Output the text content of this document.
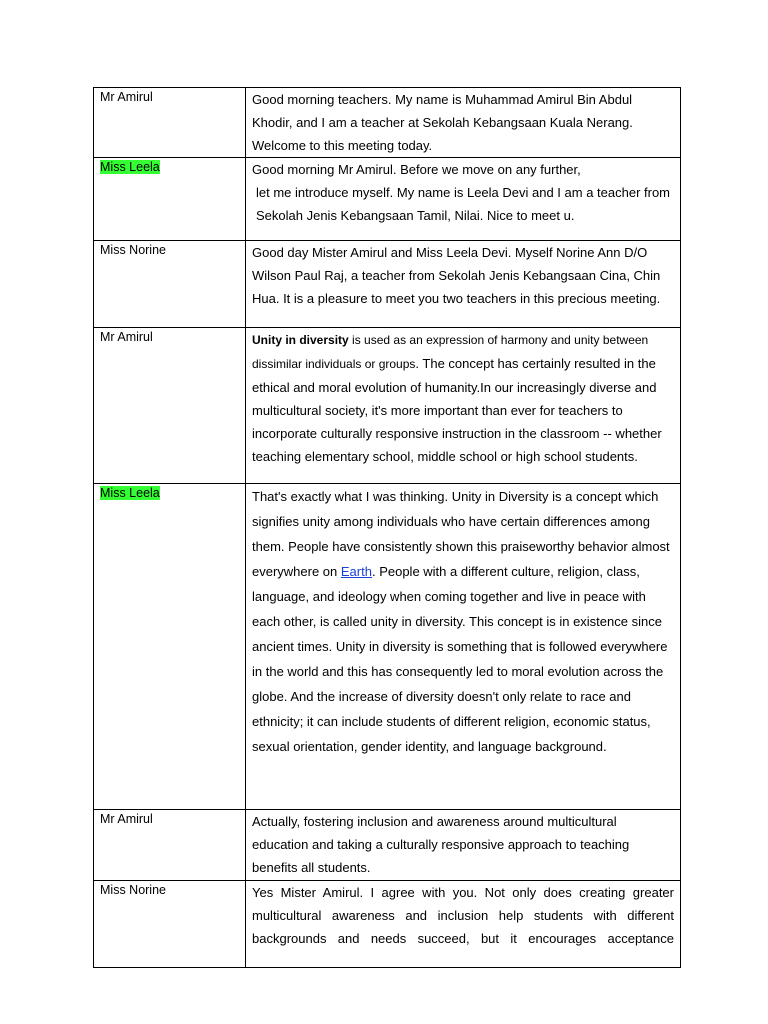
Mr Amirul	Good morning teachers. My name is Muhammad Amirul Bin Abdul Khodir, and I am a teacher at Sekolah Kebangsaan Kuala Nerang. Welcome to this meeting today.
Miss Leela	Good morning Mr Amirul. Before we move on any further,

let me introduce myself. My name is Leela Devi and I am a teacher from Sekolah Jenis Kebangsaan Tamil, Nilai. Nice to meet u.

Miss Norine	Good day Mister Amirul and Miss Leela Devi. Myself Norine Ann D/O Wilson Paul Raj, a teacher from Sekolah Jenis Kebangsaan Cina, Chin Hua. It is a pleasure to meet you two teachers in this precious meeting.
Mr Amirul	Unity in diversity is used as an expression of harmony and unity between dissimilar individuals or groups. The concept has certainly resulted in the ethical and moral evolution of humanity.In our increasingly diverse and multicultural society, it's more important than ever for teachers to incorporate culturally responsive instruction in the classroom -- whether teaching elementary school, middle school or high school students.
Miss Leela	That's exactly what I was thinking. Unity in Diversity is a concept which signifies unity among individuals who have certain differences among them. People have consistently shown this praiseworthy behavior almost everywhere on Earth. People with a different culture, religion, class, language, and ideology when coming together and live in peace with each other, is called unity in diversity. This concept is in existence since ancient times. Unity in diversity is something that is followed everywhere in the world and this has consequently led to moral evolution across the globe. And the increase of diversity doesn't only relate to race and ethnicity; it can include students of different religion, economic status, sexual orientation, gender identity, and language background.
Mr Amirul	Actually, fostering inclusion and awareness around multicultural education and taking a culturally responsive approach to teaching benefits all students.
Miss Norine	Yes Mister Amirul. I agree with you. Not only does creating greater

multicultural awareness and inclusion help students with different

backgrounds and needs succeed, but it encourages acceptance
